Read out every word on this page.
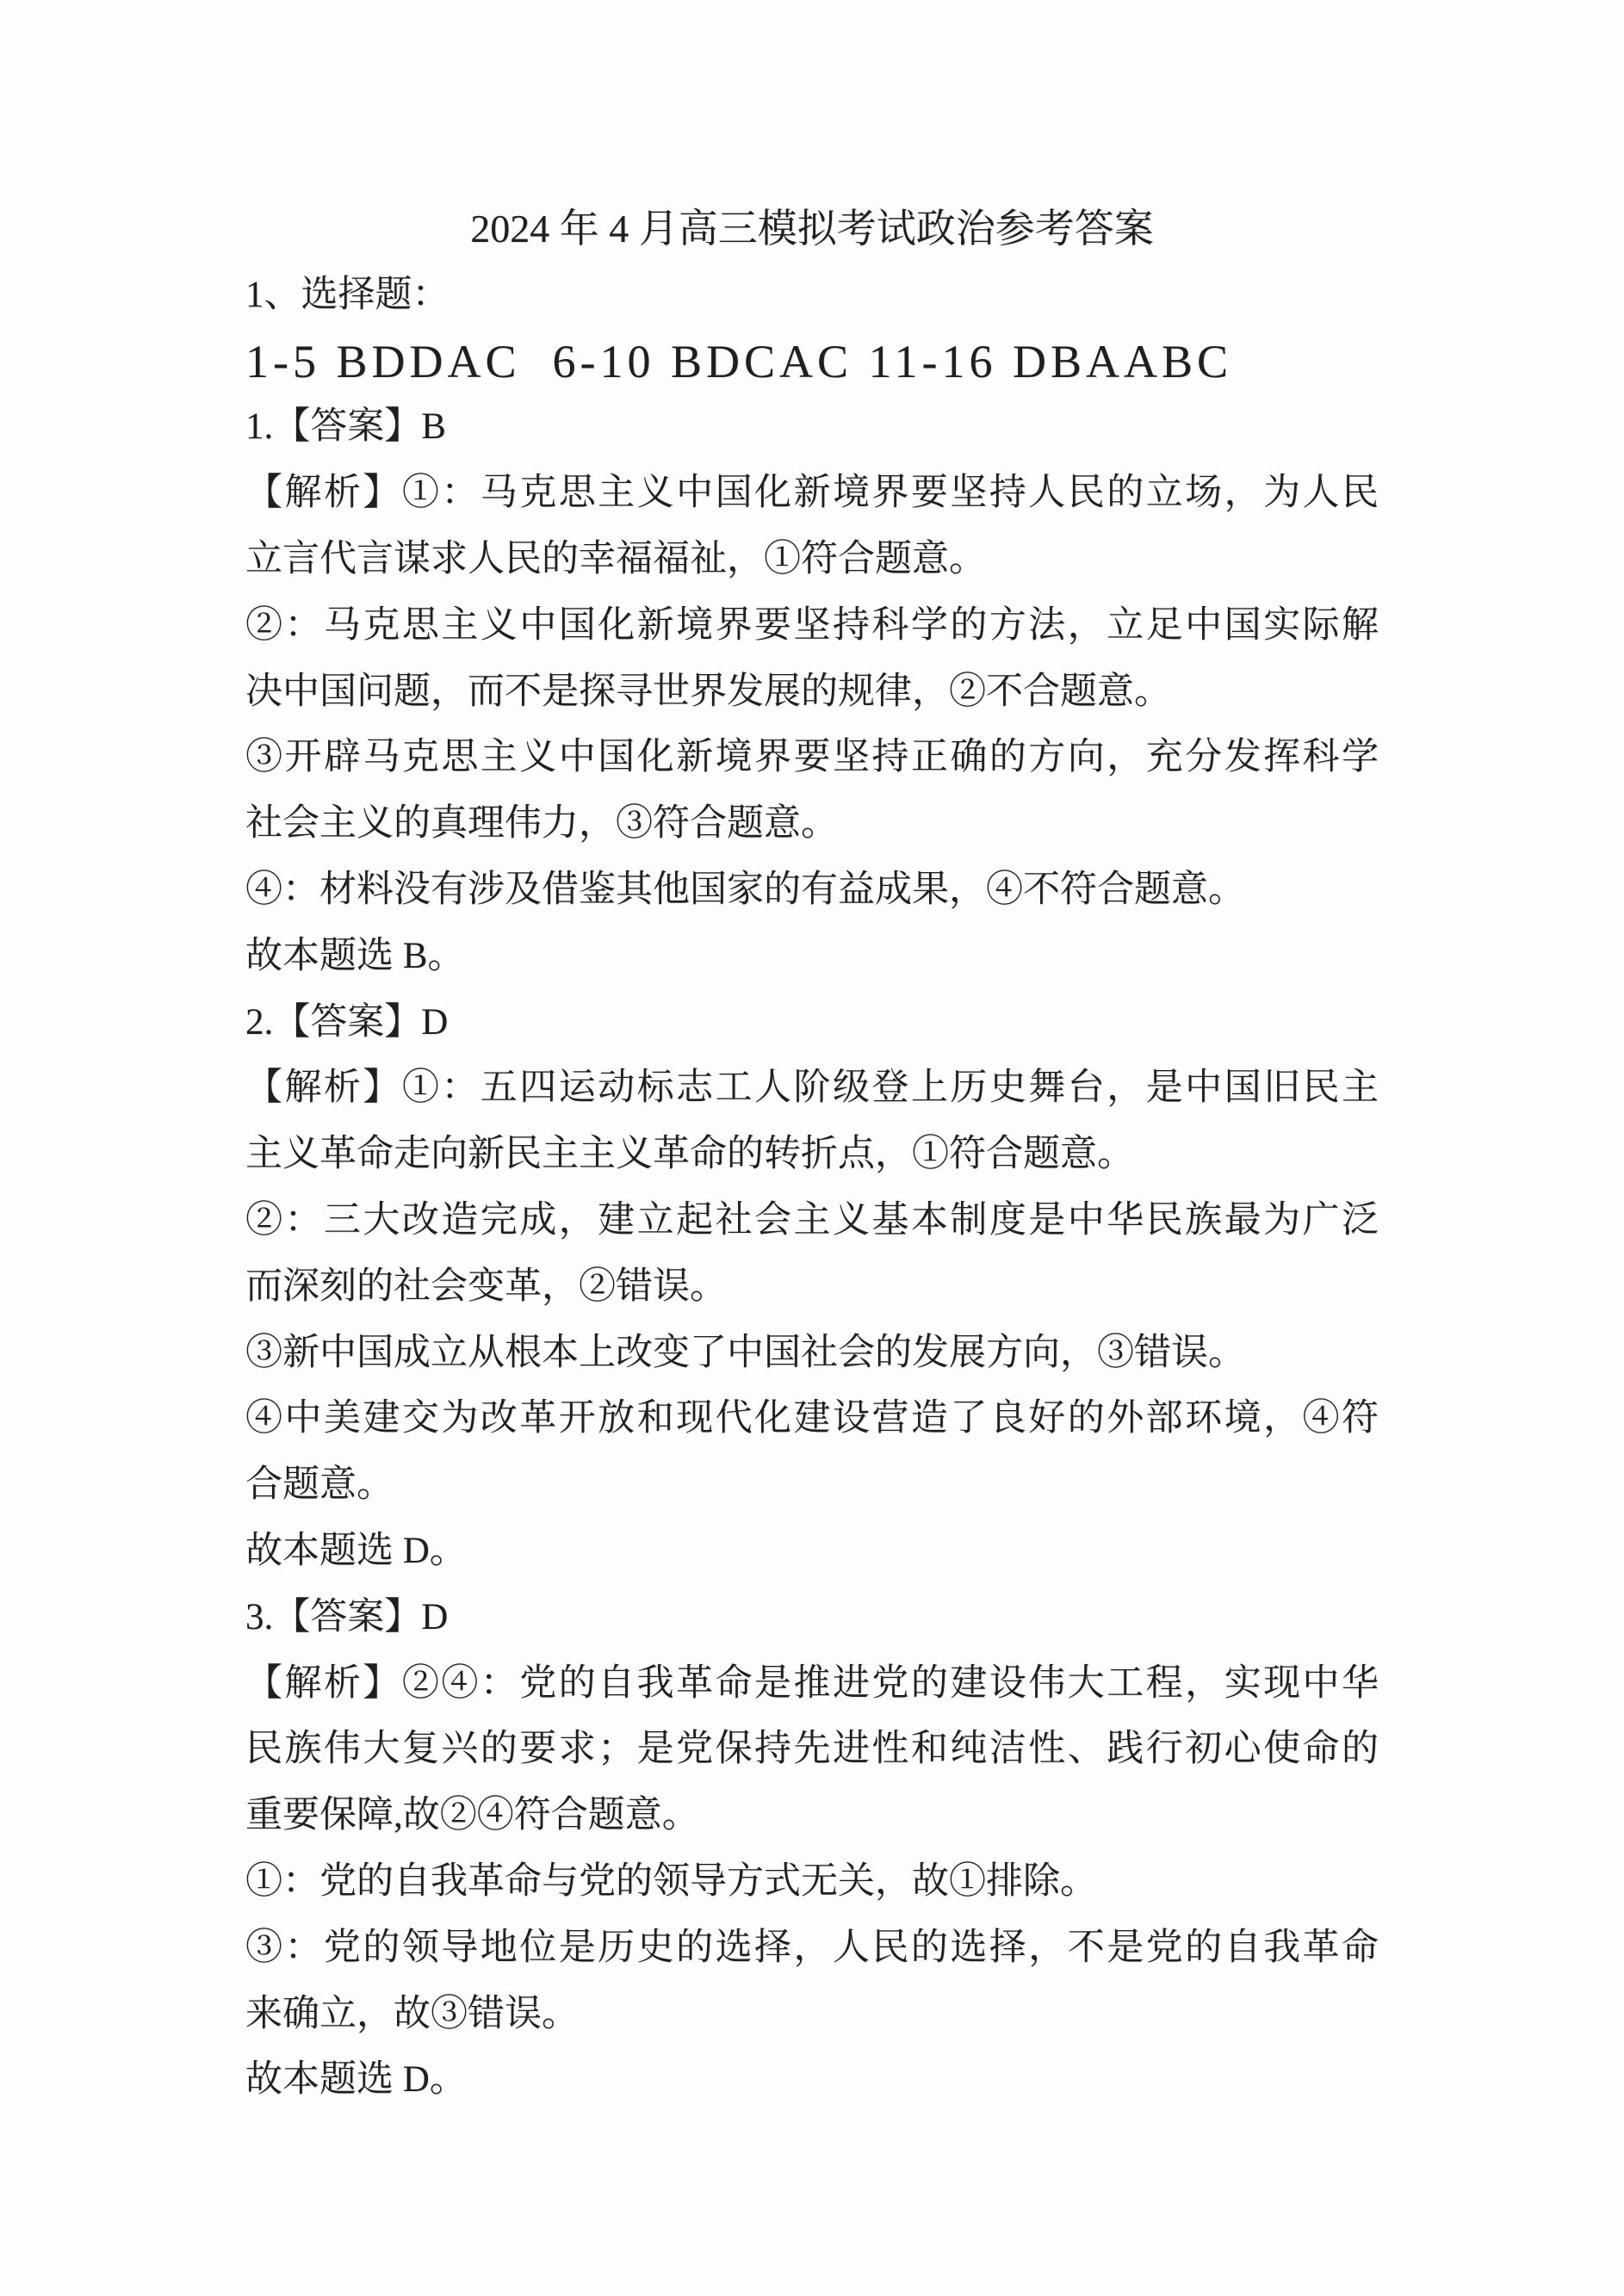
2024 年 4 月高三模拟考试政治参考答案
1、选择题：
1-5 BDDAC  6-10 BDCAC 11-16 DBAABC
1.【答案】B
【解析】①：马克思主义中国化新境界要坚持人民的立场，为人民
立言代言谋求人民的幸福福祉，①符合题意。
②：马克思主义中国化新境界要坚持科学的方法，立足中国实际解
决中国问题，而不是探寻世界发展的规律，②不合题意。
③开辟马克思主义中国化新境界要坚持正确的方向，充分发挥科学
社会主义的真理伟力，③符合题意。
④：材料没有涉及借鉴其他国家的有益成果，④不符合题意。
故本题选 B。
2.【答案】D
【解析】①：五四运动标志工人阶级登上历史舞台，是中国旧民主
主义革命走向新民主主义革命的转折点，①符合题意。
②：三大改造完成，建立起社会主义基本制度是中华民族最为广泛
而深刻的社会变革，②错误。
③新中国成立从根本上改变了中国社会的发展方向，③错误。
④中美建交为改革开放和现代化建设营造了良好的外部环境，④符
合题意。
故本题选 D。
3.【答案】D
【解析】②④：党的自我革命是推进党的建设伟大工程，实现中华
民族伟大复兴的要求；是党保持先进性和纯洁性、践行初心使命的
重要保障,故②④符合题意。
①：党的自我革命与党的领导方式无关，故①排除。
③：党的领导地位是历史的选择，人民的选择，不是党的自我革命
来确立，故③错误。
故本题选 D。
